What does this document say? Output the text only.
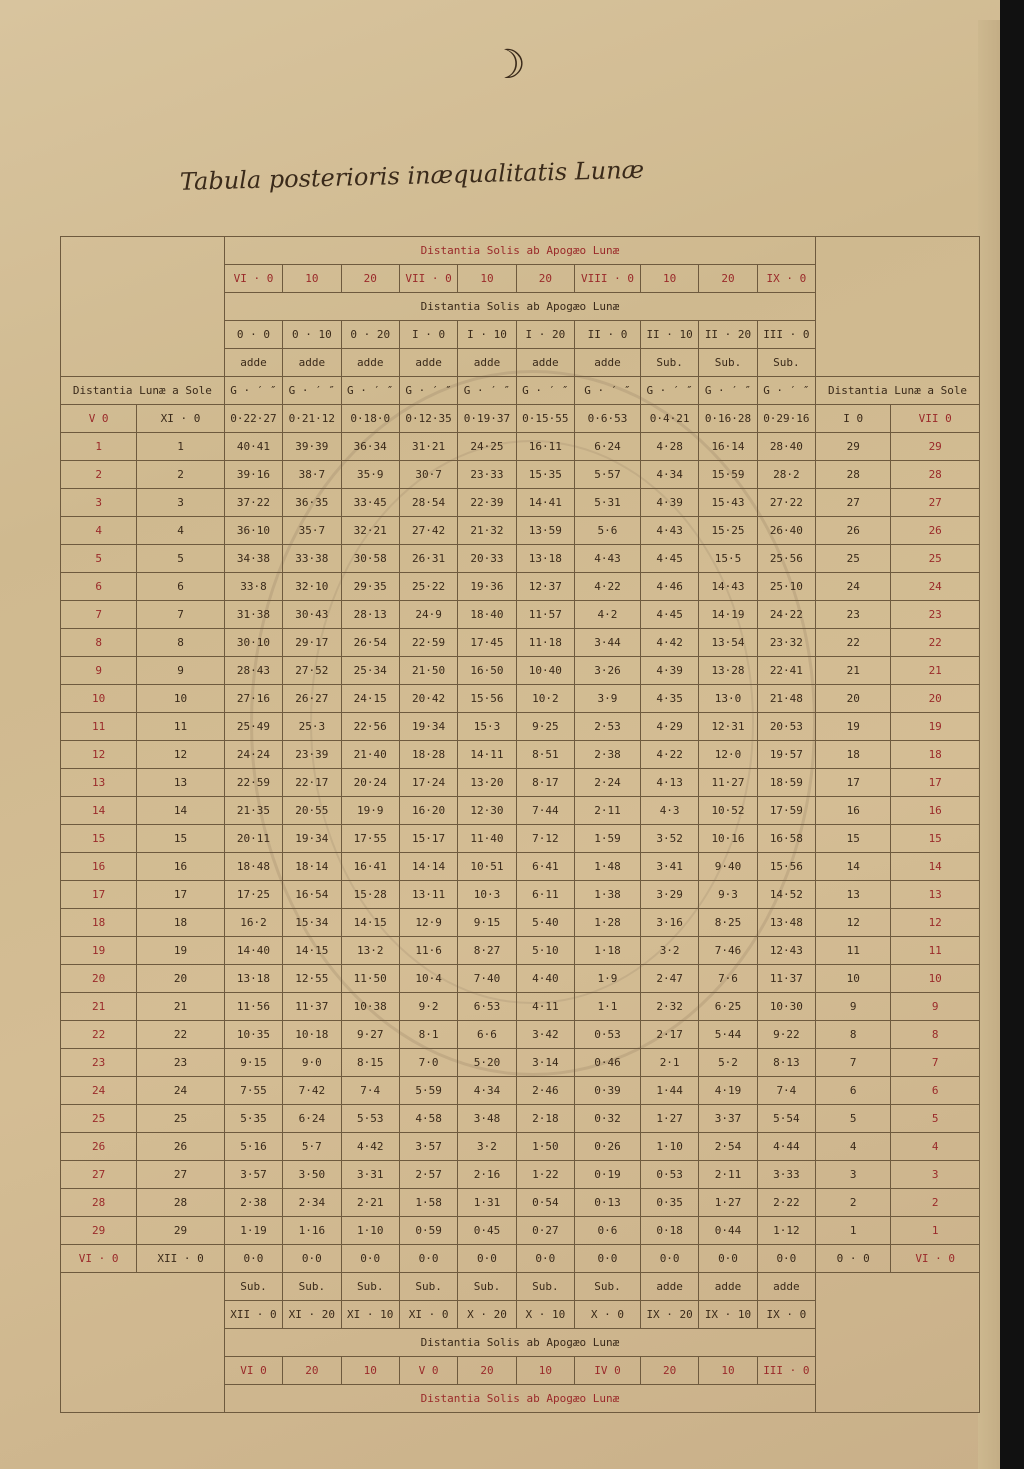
☽
Tabula posterioris inæqualitatis Lunæ
		Distantia Solis ab Apogæo Lunæ											
		VI · 0	10	20	VII · 0	10	20	VIII · 0	10	20	IX · 0		
		Distantia Solis ab Apogæo Lunæ											
		0 · 0	0 · 10	0 · 20	I · 0	I · 10	I · 20	II · 0	II · 10	II · 20	III · 0		
		adde	adde	adde	adde	adde	adde	adde	Sub.	Sub.	Sub.		
Distantia Lunæ a Sole		G · ′ ″	G · ′ ″	G · ′ ″	G · ′ ″	G · ′ ″	G · ′ ″	G · ′ ″	G · ′ ″	G · ′ ″	G · ′ ″	Distantia Lunæ a Sole	
V 0	XI · 0	0·22·27	0·21·12	0·18·0	0·12·35	0·19·37	0·15·55	0·6·53	0·4·21	0·16·28	0·29·16	I 0	VII 0
1	1	40·41	39·39	36·34	31·21	24·25	16·11	6·24	4·28	16·14	28·40	29	29
2	2	39·16	38·7	35·9	30·7	23·33	15·35	5·57	4·34	15·59	28·2	28	28
3	3	37·22	36·35	33·45	28·54	22·39	14·41	5·31	4·39	15·43	27·22	27	27
4	4	36·10	35·7	32·21	27·42	21·32	13·59	5·6	4·43	15·25	26·40	26	26
5	5	34·38	33·38	30·58	26·31	20·33	13·18	4·43	4·45	15·5	25·56	25	25
6	6	33·8	32·10	29·35	25·22	19·36	12·37	4·22	4·46	14·43	25·10	24	24
7	7	31·38	30·43	28·13	24·9	18·40	11·57	4·2	4·45	14·19	24·22	23	23
8	8	30·10	29·17	26·54	22·59	17·45	11·18	3·44	4·42	13·54	23·32	22	22
9	9	28·43	27·52	25·34	21·50	16·50	10·40	3·26	4·39	13·28	22·41	21	21
10	10	27·16	26·27	24·15	20·42	15·56	10·2	3·9	4·35	13·0	21·48	20	20
11	11	25·49	25·3	22·56	19·34	15·3	9·25	2·53	4·29	12·31	20·53	19	19
12	12	24·24	23·39	21·40	18·28	14·11	8·51	2·38	4·22	12·0	19·57	18	18
13	13	22·59	22·17	20·24	17·24	13·20	8·17	2·24	4·13	11·27	18·59	17	17
14	14	21·35	20·55	19·9	16·20	12·30	7·44	2·11	4·3	10·52	17·59	16	16
15	15	20·11	19·34	17·55	15·17	11·40	7·12	1·59	3·52	10·16	16·58	15	15
16	16	18·48	18·14	16·41	14·14	10·51	6·41	1·48	3·41	9·40	15·56	14	14
17	17	17·25	16·54	15·28	13·11	10·3	6·11	1·38	3·29	9·3	14·52	13	13
18	18	16·2	15·34	14·15	12·9	9·15	5·40	1·28	3·16	8·25	13·48	12	12
19	19	14·40	14·15	13·2	11·6	8·27	5·10	1·18	3·2	7·46	12·43	11	11
20	20	13·18	12·55	11·50	10·4	7·40	4·40	1·9	2·47	7·6	11·37	10	10
21	21	11·56	11·37	10·38	9·2	6·53	4·11	1·1	2·32	6·25	10·30	9	9
22	22	10·35	10·18	9·27	8·1	6·6	3·42	0·53	2·17	5·44	9·22	8	8
23	23	9·15	9·0	8·15	7·0	5·20	3·14	0·46	2·1	5·2	8·13	7	7
24	24	7·55	7·42	7·4	5·59	4·34	2·46	0·39	1·44	4·19	7·4	6	6
25	25	5·35	6·24	5·53	4·58	3·48	2·18	0·32	1·27	3·37	5·54	5	5
26	26	5·16	5·7	4·42	3·57	3·2	1·50	0·26	1·10	2·54	4·44	4	4
27	27	3·57	3·50	3·31	2·57	2·16	1·22	0·19	0·53	2·11	3·33	3	3
28	28	2·38	2·34	2·21	1·58	1·31	0·54	0·13	0·35	1·27	2·22	2	2
29	29	1·19	1·16	1·10	0·59	0·45	0·27	0·6	0·18	0·44	1·12	1	1
VI · 0	XII · 0	0·0	0·0	0·0	0·0	0·0	0·0	0·0	0·0	0·0	0·0	0 · 0	VI · 0
		Sub.	Sub.	Sub.	Sub.	Sub.	Sub.	Sub.	adde	adde	adde		
		XII · 0	XI · 20	XI · 10	XI · 0	X · 20	X · 10	X · 0	IX · 20	IX · 10	IX · 0		
		Distantia Solis ab Apogæo Lunæ											
		VI 0	20	10	V 0	20	10	IV 0	20	10	III · 0		
		Distantia Solis ab Apogæo Lunæ											
